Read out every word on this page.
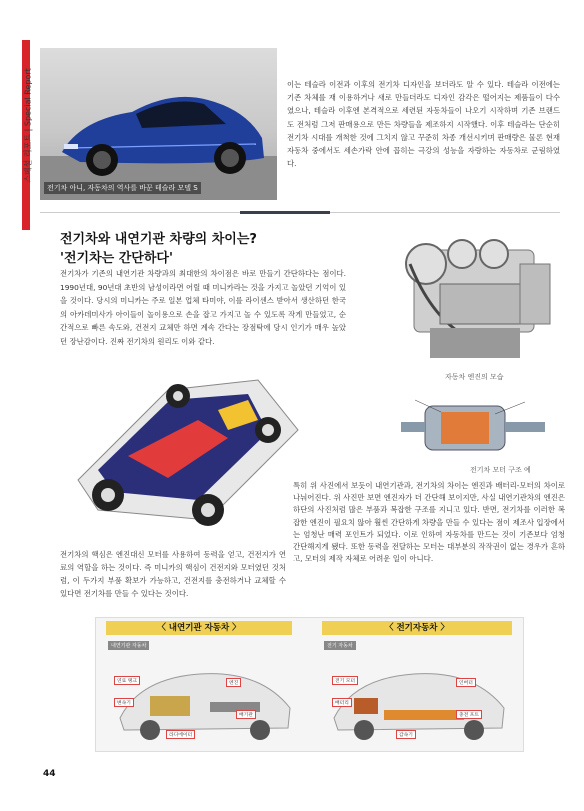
스페셜 리포트 | Special Report
전기차 아니, 자동차의 역사를 바꾼 테슬라 모델 S
이는 테슬라 이전과 이후의 전기차 디자인을 보더라도 알 수 있다. 테슬라 이전에는 기존 차체를 재 이용하거나 새로 만들더라도 디자인 감각은 떨어지는 제품들이 다수였으나, 테슬라 이후엔 본격적으로 세련된 자동차들이 나오기 시작하며 기존 브랜드도 전처럼 그저 판매용으로 만든 차량들을 제조하지 시작했다. 이후 테슬라는 단순히 전기차 시대를 개척한 것에 그치지 않고 꾸준히 차종 개선시키며 판매량은 물론 현재 자동차 중에서도 세손가락 안에 꼽히는 극강의 성능을 자랑하는 자동차로 군림하였다.
전기차와 내연기관 차량의 차이는?
'전기차는 간단하다'
전기차가 기존의 내연기관 차량과의 최대한의 차이점은 바로 만들기 간단하다는 점이다. 1990년대, 90년대 초반의 남성이라면 어릴 때 미니카라는 것을 가지고 놀았던 기억이 있을 것이다. 당시의 미니카는 주로 일본 업체 타미야, 이를 라이센스 받아서 생산하던 한국의 아카데미사가 아이들이 놀이용으로 손을 잡고 가지고 놀 수 있도록 작게 만들었고, 순간적으로 빠른 속도와, 건전지 교체만 하면 계속 간다는 장점탁에 당시 인기가 매우 높았던 장난감이다. 진짜 전기차의 원리도 이와 같다.
자동차 엔진의 모습
전기차 모터 구조 예
특히 위 사진에서 보듯이 내연기관과, 전기차의 차이는 엔진과 배터리-모터의 차이로 나눠어진다. 위 사진만 보면 엔진자가 더 간단해 보이지만, 사실 내연기관차의 엔진은 하단의 사진처럼 많은 부품과 복잡한 구조를 지니고 있다. 반면, 전기차를 이러한 복잡한 엔진이 필요치 않아 훨씬 간단하게 차량을 만들 수 있다는 점이 제조사 입장에서는 엄청난 매력 포인트가 되었다. 이로 인하여 자동차를 만드는 것이 기존보다 엄청 간단해지게 됐다. 또한 동력을 전달하는 모터는 대부분의 작작권이 없는 경우가 흔하고, 모터의 제작 자체로 어려운 일이 아니다.
전기차의 핵심은 엔진대신 모터를 사용하여 동력을 얻고, 건전지가 연료의 역할을 하는 것이다. 즉 미니카의 핵심이 건전지와 모터였던 것처럼, 이 두가지 부품 확보가 가능하고, 건전지를 충전하거나 교체할 수 있다면 전기차를 만들 수 있다는 것이다.
〈 내연기관 자동차 〉	〈 전기자동차 〉
내연기관 자동차	전기 자동차
연료 탱크
변속기
엔진
배기관
라디에이터
전기 모터
배터리
인버터
충전 포트
감속기
44
